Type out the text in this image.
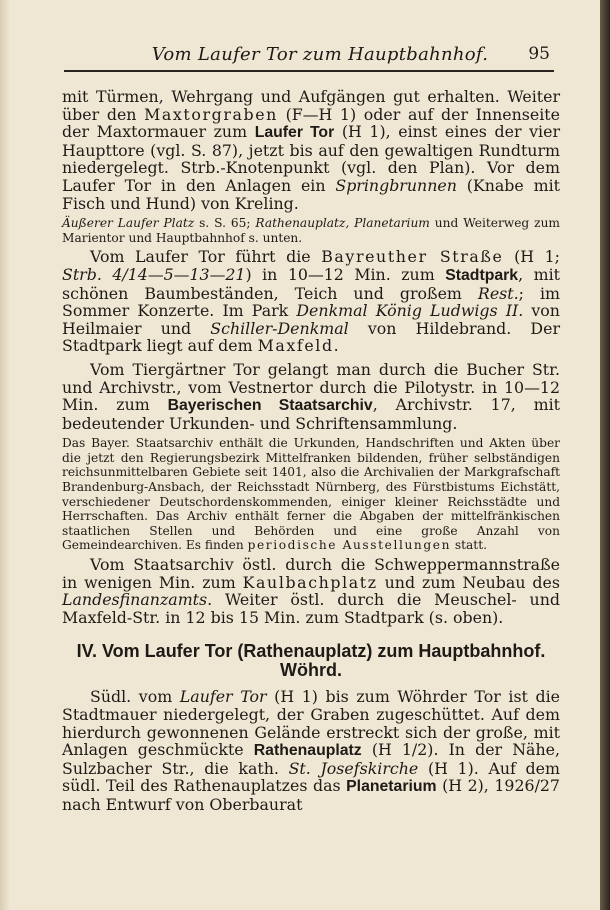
Vom Laufer Tor zum Hauptbahnhof.	95

mit Türmen, Wehrgang und Aufgängen gut erhalten. Weiter über den Maxtorgraben (F—H 1) oder auf der Innenseite der Maxtormauer zum Laufer Tor (H 1), einst eines der vier Haupttore (vgl. S. 87), jetzt bis auf den gewaltigen Rundturm niedergelegt. Strb.-Knotenpunkt (vgl. den Plan). Vor dem Laufer Tor in den Anlagen ein Springbrunnen (Knabe mit Fisch und Hund) von Kreling.

Äußerer Laufer Platz s. S. 65; Rathenauplatz, Planetarium und Weiterweg zum Marientor und Hauptbahnhof s. unten.

Vom Laufer Tor führt die Bayreuther Straße (H 1; Strb. 4/14—5—13—21) in 10—12 Min. zum Stadtpark, mit schönen Baumbeständen, Teich und großem Rest.; im Sommer Konzerte. Im Park Denkmal König Ludwigs II. von Heilmaier und Schiller-Denkmal von Hildebrand. Der Stadtpark liegt auf dem Maxfeld.

Vom Tiergärtner Tor gelangt man durch die Bucher Str. und Archivstr., vom Vestnertor durch die Pilotystr. in 10—12 Min. zum Bayerischen Staatsarchiv, Archivstr. 17, mit bedeutender Urkunden- und Schriftensammlung.

Das Bayer. Staatsarchiv enthält die Urkunden, Handschriften und Akten über die jetzt den Regierungsbezirk Mittelfranken bildenden, früher selbständigen reichsunmittelbaren Gebiete seit 1401, also die Archivalien der Markgrafschaft Brandenburg-Ansbach, der Reichsstadt Nürnberg, des Fürstbistums Eichstätt, verschiedener Deutschordenskommenden, einiger kleiner Reichsstädte und Herrschaften. Das Archiv enthält ferner die Abgaben der mittelfränkischen staatlichen Stellen und Behörden und eine große Anzahl von Gemeindearchiven. Es finden periodische Ausstellungen statt.

Vom Staatsarchiv östl. durch die Schweppermannstraße in wenigen Min. zum Kaulbachplatz und zum Neubau des Landesfinanzamts. Weiter östl. durch die Meuschel- und Maxfeld-Str. in 12 bis 15 Min. zum Stadtpark (s. oben).

IV. Vom Laufer Tor (Rathenauplatz) zum Hauptbahnhof. Wöhrd.

Südl. vom Laufer Tor (H 1) bis zum Wöhrder Tor ist die Stadtmauer niedergelegt, der Graben zugeschüttet. Auf dem hierdurch gewonnenen Gelände erstreckt sich der große, mit Anlagen geschmückte Rathenauplatz (H 1/2). In der Nähe, Sulzbacher Str., die kath. St. Josefskirche (H 1). Auf dem südl. Teil des Rathenauplatzes das Planetarium (H 2), 1926/27 nach Entwurf von Oberbaurat
